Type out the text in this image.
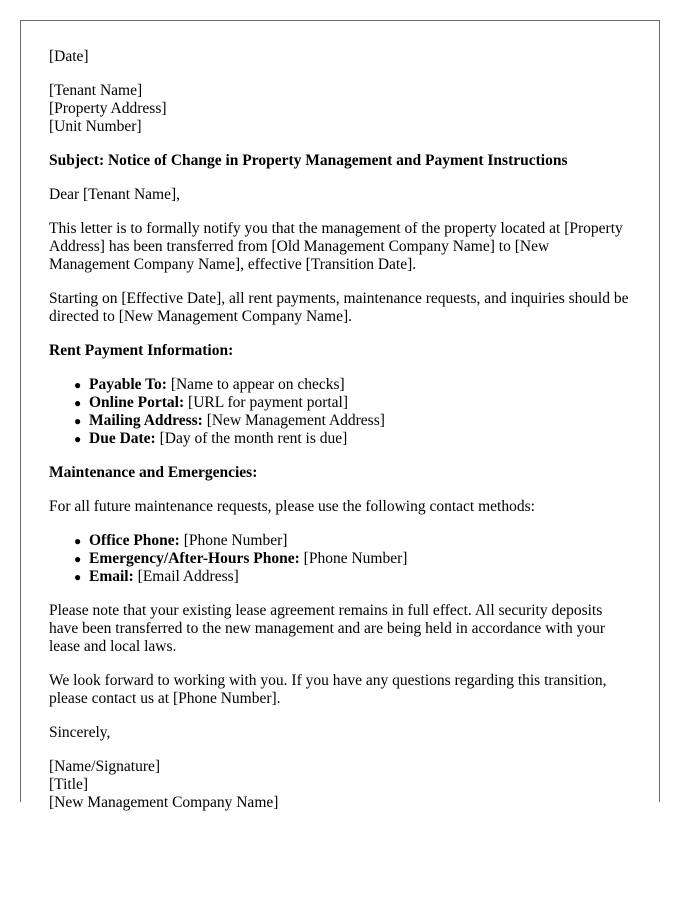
[Date]

[Tenant Name]
[Property Address]
[Unit Number]

Subject: Notice of Change in Property Management and Payment Instructions

Dear [Tenant Name],

This letter is to formally notify you that the management of the property located at [Property Address] has been transferred from [Old Management Company Name] to [New Management Company Name], effective [Transition Date].

Starting on [Effective Date], all rent payments, maintenance requests, and inquiries should be directed to [New Management Company Name].

Rent Payment Information:

● Payable To: [Name to appear on checks]
● Online Portal: [URL for payment portal]
● Mailing Address: [New Management Address]
● Due Date: [Day of the month rent is due]

Maintenance and Emergencies:

For all future maintenance requests, please use the following contact methods:

● Office Phone: [Phone Number]
● Emergency/After-Hours Phone: [Phone Number]
● Email: [Email Address]

Please note that your existing lease agreement remains in full effect. All security deposits have been transferred to the new management and are being held in accordance with your lease and local laws.

We look forward to working with you. If you have any questions regarding this transition, please contact us at [Phone Number].

Sincerely,

[Name/Signature]
[Title]
[New Management Company Name]
